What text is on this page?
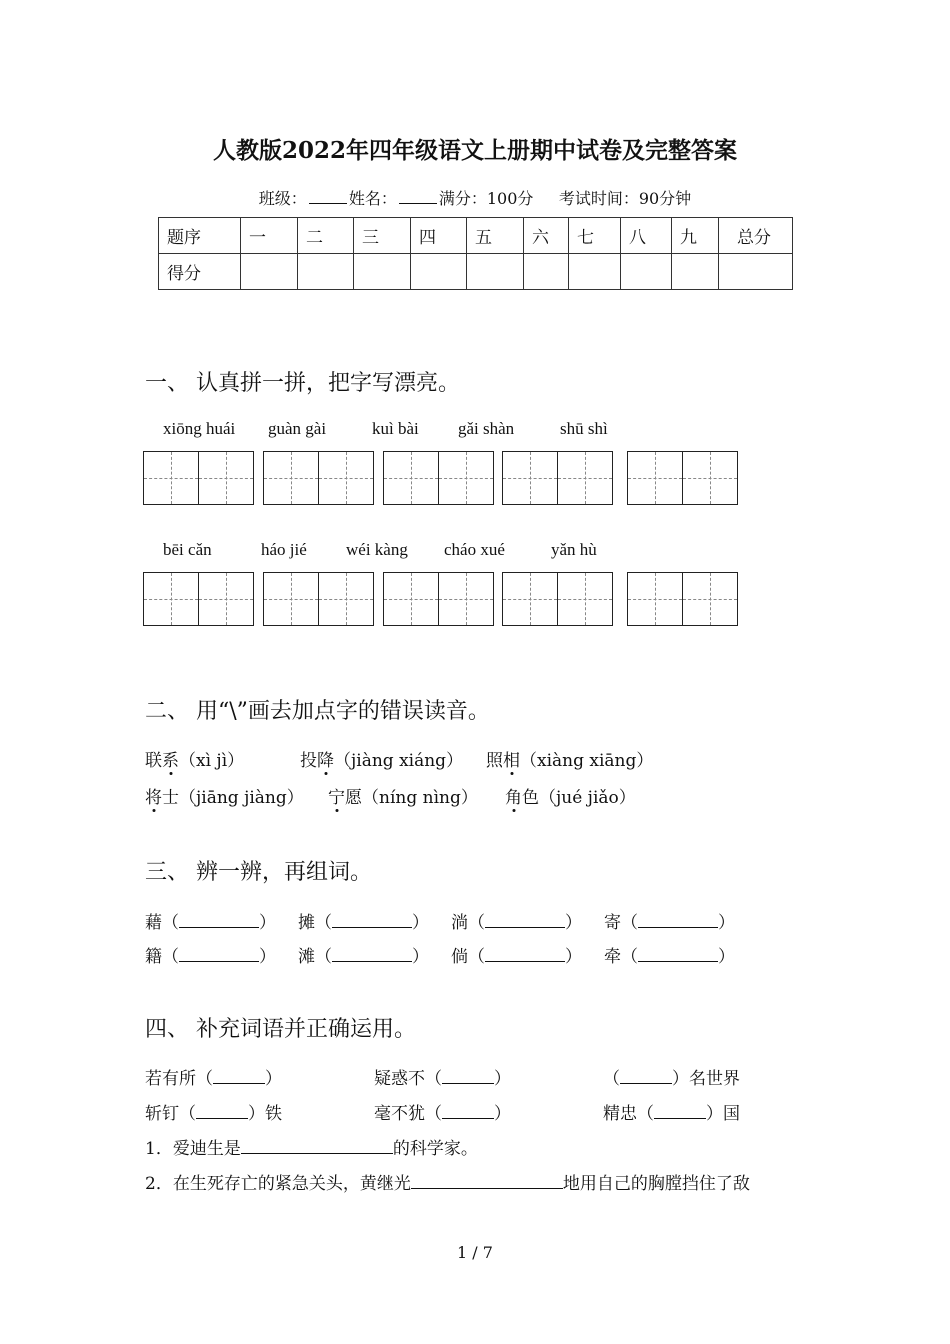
人教版2022年四年级语文上册期中试卷及完整答案
班级：	姓名：	满分：100分 考试时间：90分钟
题序	一	二	三	四	五	六	七	八	九	总分
得分										
一、 认真拼一拼，把字写漂亮。
xiōng huái guàn gài	kuì bài gǎi shàn	shū shì
bēi cǎn	háo jié wéi kàng cháo xué	yǎn hù
二、 用“\”画去加点字的错误读音。
联系（xì jì）	投降（jiàng xiáng） 照相（xiàng xiāng）
将士（jiāng jiàng） 宁愿（níng nìng） 角色（jué jiǎo）
三、 辨一辨，再组词。
藉（	） 摊（	） 淌（	） 寄（	）
籍（	） 滩（	） 倘（	） 牵（	）
四、 补充词语并正确运用。
若有所（	）	疑惑不（	）	（	）名世界
斩钉（	）铁	毫不犹（	）	精忠（	）国
1．爱迪生是	的科学家。
2．在生死存亡的紧急关头，黄继光	地用自己的胸膛挡住了敌
1 / 7
